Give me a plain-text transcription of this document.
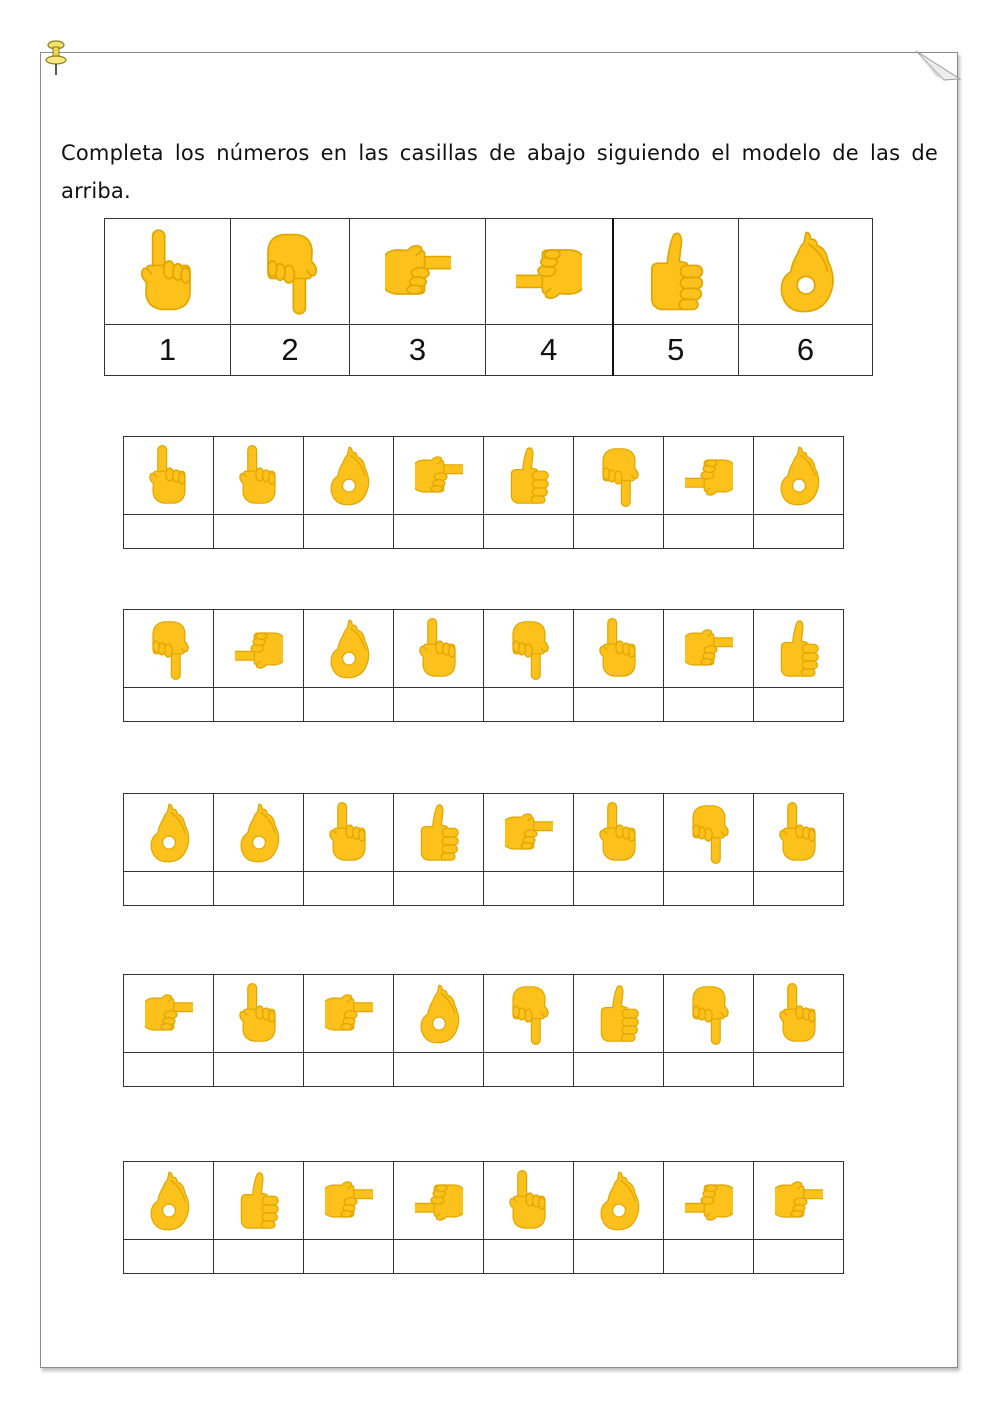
Completa los números en las casillas de abajo siguiendo el modelo de las de arriba.

1	2	3	4	5	6
